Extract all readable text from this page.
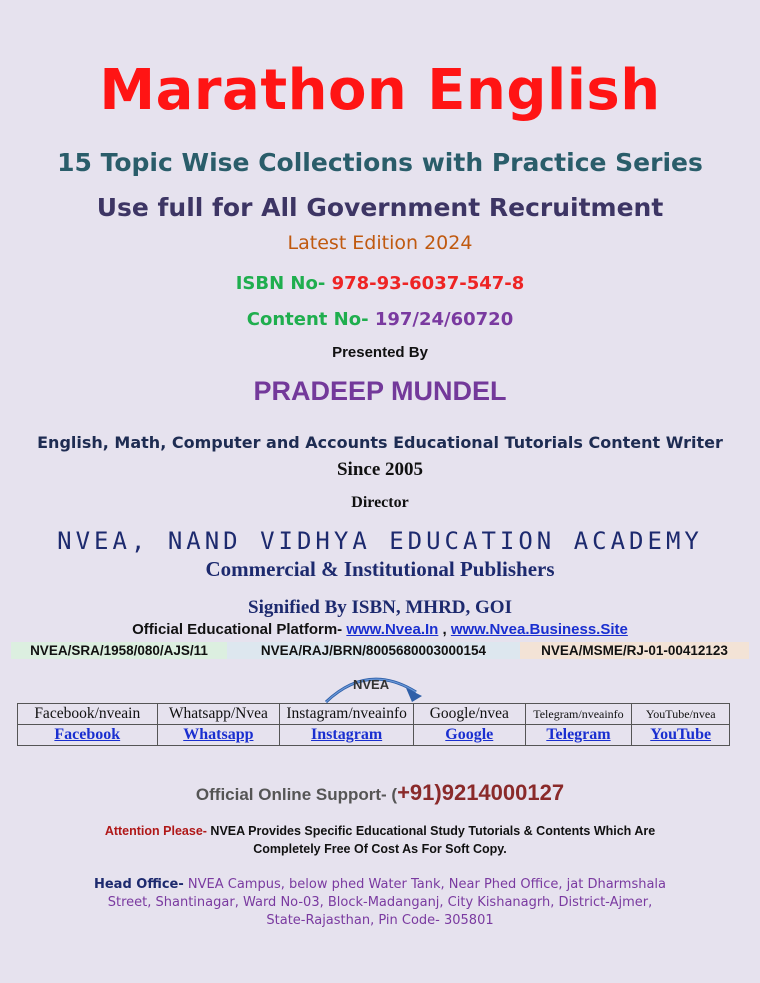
Marathon English
15 Topic Wise Collections with Practice Series
Use full for All Government Recruitment
Latest Edition 2024
ISBN No- 978-93-6037-547-8
Content No- 197/24/60720
Presented By
PRADEEP MUNDEL
English, Math, Computer and Accounts Educational Tutorials Content Writer
Since 2005
Director
NVEA, NAND VIDHYA EDUCATION ACADEMY
Commercial & Institutional Publishers
Signified By ISBN, MHRD, GOI
Official Educational Platform- www.Nvea.In , www.Nvea.Business.Site
NVEA/SRA/1958/080/AJS/11	NVEA/RAJ/BRN/8005680003000154	NVEA/MSME/RJ-01-00412123
NVEA
Facebook/nveain	Whatsapp/Nvea	Instagram/nveainfo	Google/nvea	Telegram/nveainfo	YouTube/nvea
Facebook	Whatsapp	Instagram	Google	Telegram	YouTube
Official Online Support- (+91)9214000127
Attention Please- NVEA Provides Specific Educational Study Tutorials & Contents Which Are
Completely Free Of Cost As For Soft Copy.
Head Office- NVEA Campus, below phed Water Tank, Near Phed Office, jat Dharmshala
Street, Shantinagar, Ward No-03, Block-Madanganj, City Kishanagrh, District-Ajmer,
State-Rajasthan, Pin Code- 305801
